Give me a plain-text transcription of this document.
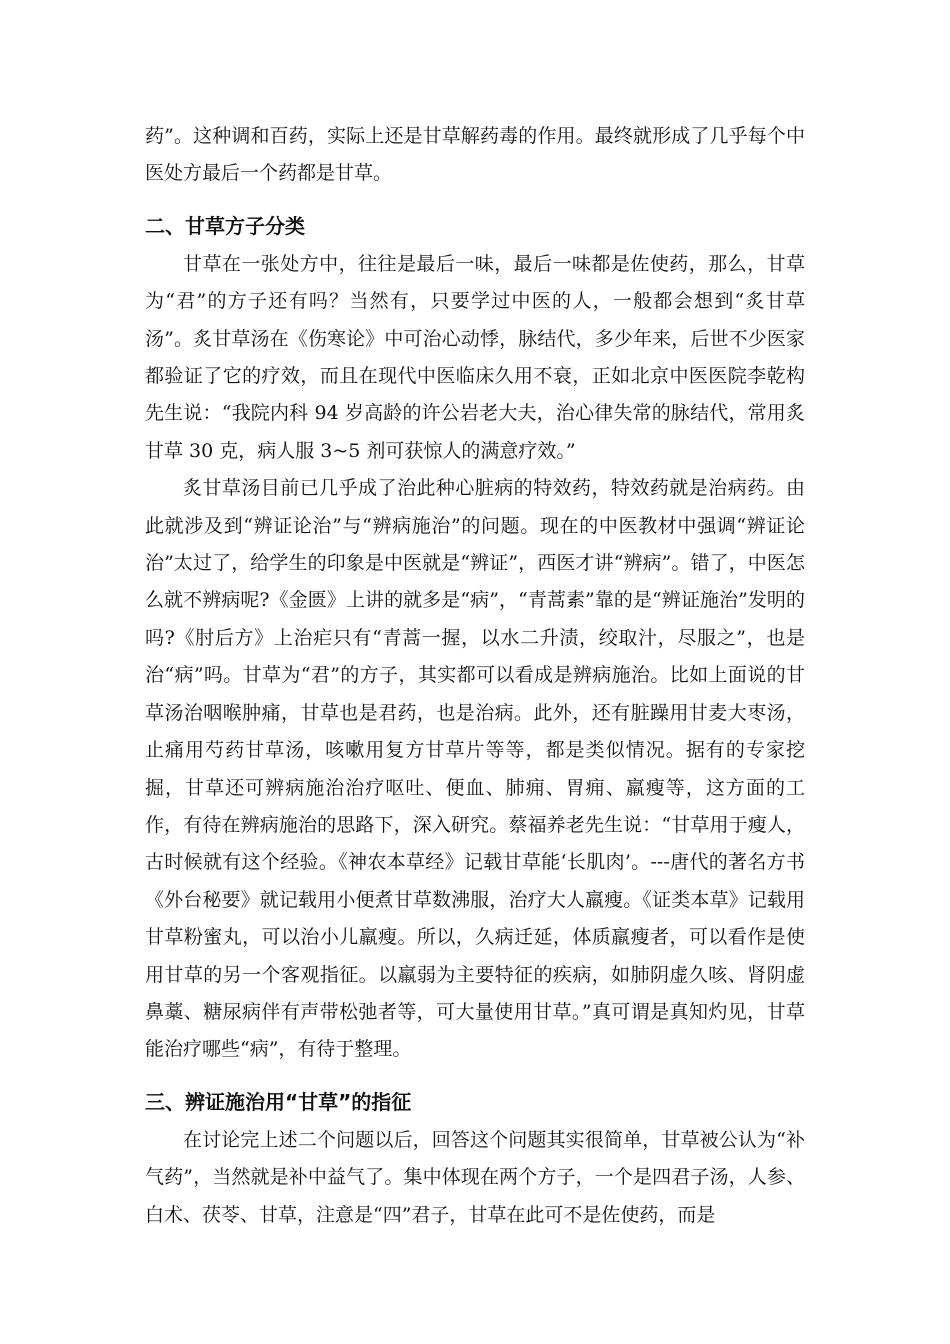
药”。这种调和百药，实际上还是甘草解药毒的作用。最终就形成了几乎每个中医处方最后一个药都是甘草。

二、甘草方子分类

甘草在一张处方中，往往是最后一味，最后一味都是佐使药，那么，甘草为“君”的方子还有吗？当然有，只要学过中医的人，一般都会想到“炙甘草汤”。炙甘草汤在《伤寒论》中可治心动悸，脉结代，多少年来，后世不少医家都验证了它的疗效，而且在现代中医临床久用不衰，正如北京中医医院李乾构先生说：“我院内科 94 岁高龄的许公岩老大夫，治心律失常的脉结代，常用炙甘草 30 克，病人服 3~5 剂可获惊人的满意疗效。”

炙甘草汤目前已几乎成了治此种心脏病的特效药，特效药就是治病药。由此就涉及到“辨证论治”与“辨病施治”的问题。现在的中医教材中强调“辨证论治”太过了，给学生的印象是中医就是“辨证”，西医才讲“辨病”。错了，中医怎么就不辨病呢?《金匮》上讲的就多是“病”，“青蒿素”靠的是“辨证施治”发明的吗?《肘后方》上治疟只有“青蒿一握，以水二升渍，绞取汁，尽服之”，也是治“病”吗。甘草为“君”的方子，其实都可以看成是辨病施治。比如上面说的甘草汤治咽喉肿痛，甘草也是君药，也是治病。此外，还有脏躁用甘麦大枣汤，止痛用芍药甘草汤，咳嗽用复方甘草片等等，都是类似情况。据有的专家挖掘，甘草还可辨病施治治疗呕吐、便血、肺痈、胃痈、羸瘦等，这方面的工作，有待在辨病施治的思路下，深入研究。蔡福养老先生说：“甘草用于瘦人，古时候就有这个经验。《神农本草经》记载甘草能‘长肌肉’。---唐代的著名方书《外台秘要》就记载用小便煮甘草数沸服，治疗大人羸瘦。《证类本草》记载用甘草粉蜜丸，可以治小儿羸瘦。所以，久病迁延，体质羸瘦者，可以看作是使用甘草的另一个客观指征。以羸弱为主要特征的疾病，如肺阴虚久咳、肾阴虚鼻藁、糖尿病伴有声带松弛者等，可大量使用甘草。”真可谓是真知灼见，甘草能治疗哪些“病”，有待于整理。

三、辨证施治用“甘草”的指征

在讨论完上述二个问题以后，回答这个问题其实很简单，甘草被公认为“补气药”，当然就是补中益气了。集中体现在两个方子，一个是四君子汤，人参、白术、茯苓、甘草，注意是“四”君子，甘草在此可不是佐使药，而是
